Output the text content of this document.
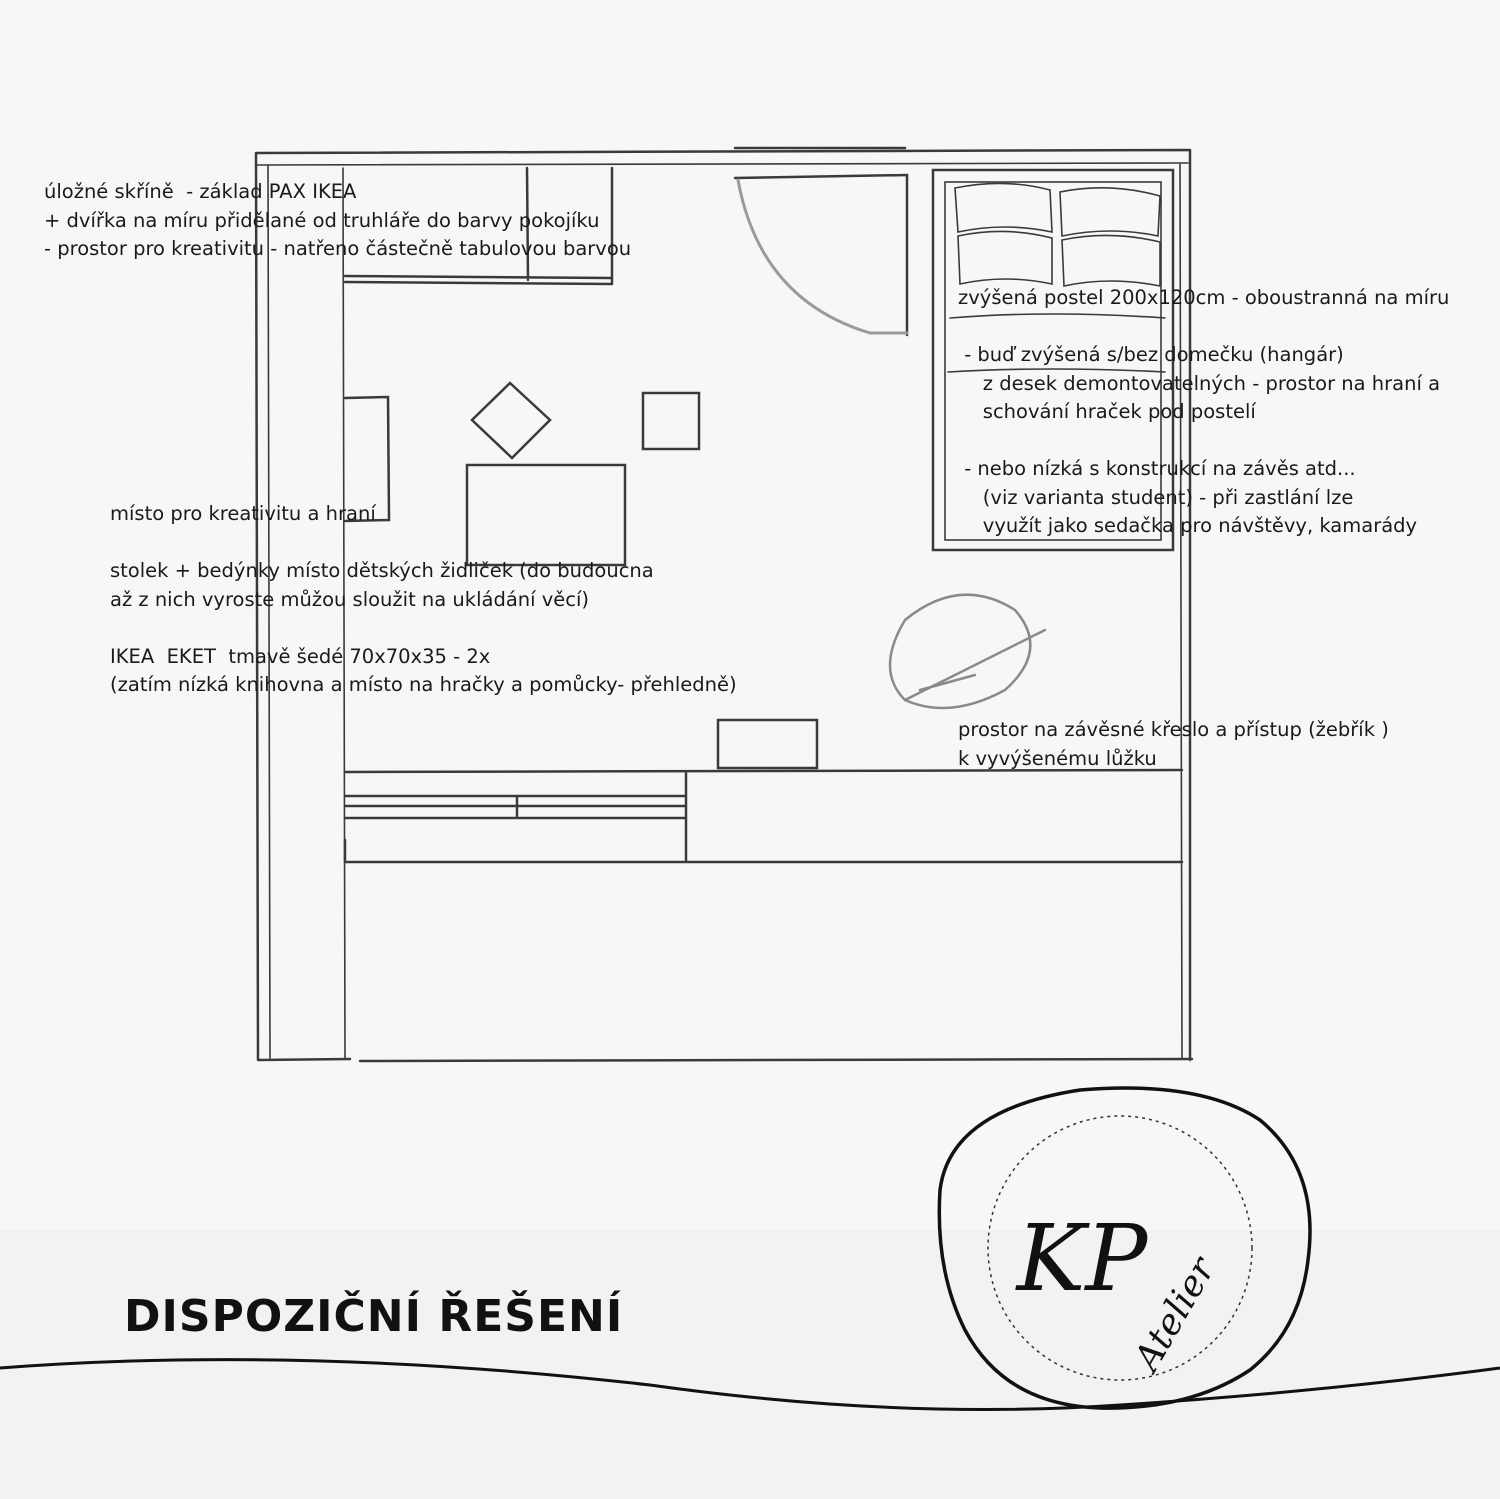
KP
Atelier

úložné skříně  - základ PAX IKEA
+ dvířka na míru přidělané od truhláře do barvy pokojíku
- prostor pro kreativitu - natřeno částečně tabulovou barvou

zvýšená postel 200x120cm - oboustranná na míru

- buď zvýšená s/bez domečku (hangár)
z desek demontovatelných - prostor na hraní a
schování hraček pod postelí

- nebo nízká s konstrukcí na závěs atd...
(viz varianta student) - při zastlání lze
využít jako sedačka pro návštěvy, kamarády

místo pro kreativitu a hraní

stolek + bedýnky místo dětských židliček (do budoucna
až z nich vyroste můžou sloužit na ukládání věcí)

IKEA  EKET  tmavě šedé 70x70x35 - 2x
(zatím nízká knihovna a místo na hračky a pomůcky- přehledně)

prostor na závěsné křeslo a přístup (žebřík )
k vyvýšenému lůžku

DISPOZIČNÍ ŘEŠENÍ
